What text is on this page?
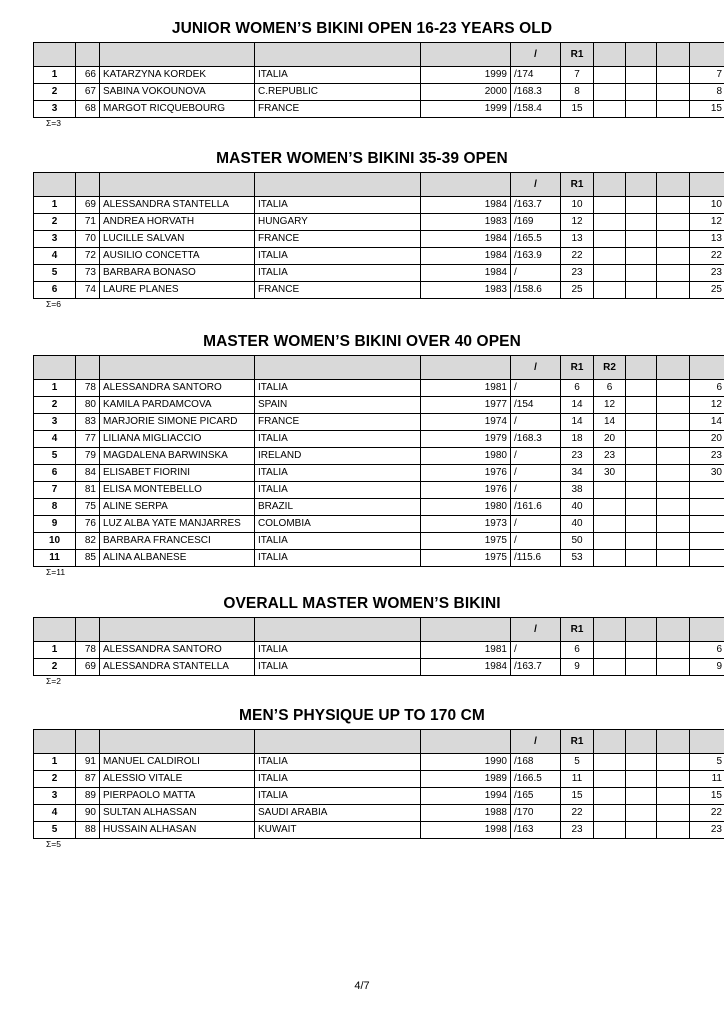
JUNIOR WOMEN’S BIKINI OPEN 16-23 YEARS OLD
					/	R1				
1	66	KATARZYNA KORDEK	ITALIA	1999	/174	7				7
2	67	SABINA VOKOUNOVA	C.REPUBLIC	2000	/168.3	8				8
3	68	MARGOT RICQUEBOURG	FRANCE	1999	/158.4	15				15
Σ=3
MASTER WOMEN’S BIKINI 35-39 OPEN
					/	R1				
1	69	ALESSANDRA STANTELLA	ITALIA	1984	/163.7	10				10
2	71	ANDREA HORVATH	HUNGARY	1983	/169	12				12
3	70	LUCILLE SALVAN	FRANCE	1984	/165.5	13				13
4	72	AUSILIO CONCETTA	ITALIA	1984	/163.9	22				22
5	73	BARBARA BONASO	ITALIA	1984	/	23				23
6	74	LAURE PLANES	FRANCE	1983	/158.6	25				25
Σ=6
MASTER WOMEN’S BIKINI OVER 40 OPEN
					/	R1	R2			
1	78	ALESSANDRA SANTORO	ITALIA	1981	/	6	6			6
2	80	KAMILA PARDAMCOVA	SPAIN	1977	/154	14	12			12
3	83	MARJORIE SIMONE PICARD	FRANCE	1974	/	14	14			14
4	77	LILIANA MIGLIACCIO	ITALIA	1979	/168.3	18	20			20
5	79	MAGDALENA BARWINSKA	IRELAND	1980	/	23	23			23
6	84	ELISABET FIORINI	ITALIA	1976	/	34	30			30
7	81	ELISA MONTEBELLO	ITALIA	1976	/	38				
8	75	ALINE SERPA	BRAZIL	1980	/161.6	40				
9	76	LUZ ALBA YATE MANJARRES	COLOMBIA	1973	/	40				
10	82	BARBARA FRANCESCI	ITALIA	1975	/	50				
11	85	ALINA ALBANESE	ITALIA	1975	/115.6	53				
Σ=11
OVERALL MASTER WOMEN’S BIKINI
					/	R1				
1	78	ALESSANDRA SANTORO	ITALIA	1981	/	6				6
2	69	ALESSANDRA STANTELLA	ITALIA	1984	/163.7	9				9
Σ=2
MEN’S PHYSIQUE UP TO 170 CM
					/	R1				
1	91	MANUEL CALDIROLI	ITALIA	1990	/168	5				5
2	87	ALESSIO VITALE	ITALIA	1989	/166.5	11				11
3	89	PIERPAOLO MATTA	ITALIA	1994	/165	15				15
4	90	SULTAN ALHASSAN	SAUDI ARABIA	1988	/170	22				22
5	88	HUSSAIN ALHASAN	KUWAIT	1998	/163	23				23
Σ=5
4/7
